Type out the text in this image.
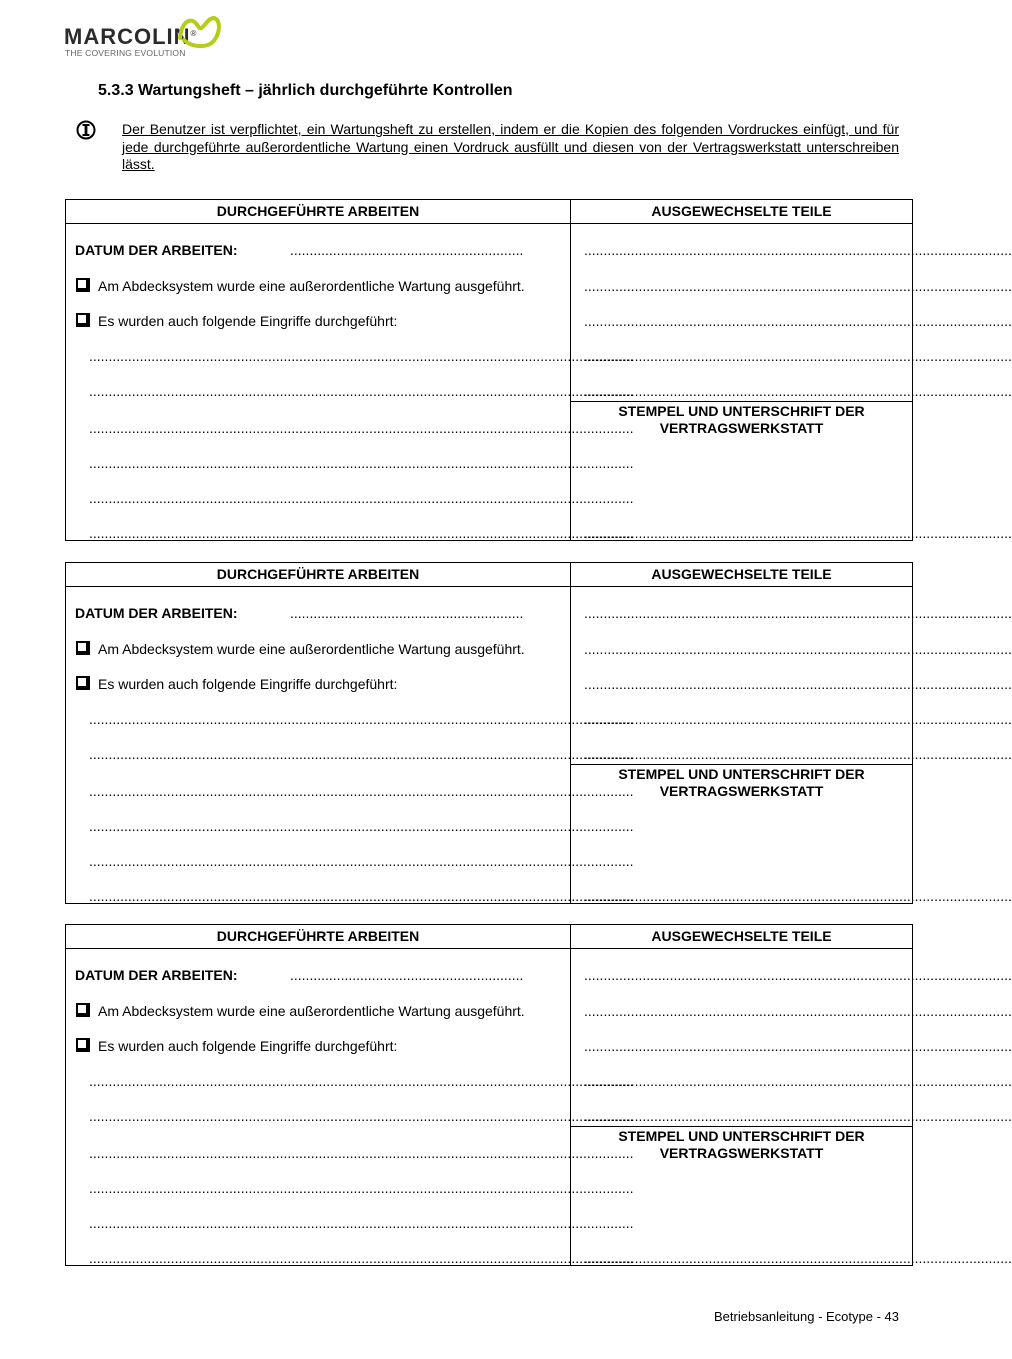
MARCOLIN®
THE COVERING EVOLUTION
5.3.3 Wartungsheft – jährlich durchgeführte Kontrollen

Der Benutzer ist verpflichtet, ein Wartungsheft zu erstellen, indem er die Kopien des folgenden Vordruckes einfügt, und für jede durchgeführte außerordentliche Wartung einen Vordruck ausfüllt und diesen von der Vertragswerkstatt unterschreiben lässt.

DURCHGEFÜHRTE ARBEITEN	AUSGEWECHSELTE TEILE
DATUM DER ARBEITEN:	............................................................
Am Abdecksystem wurde eine außerordentliche Wartung ausgeführt.
Es wurden auch folgende Eingriffe durchgeführt:
............................................................................................................................................
............................................................................................................................................
............................................................................................................................................
............................................................................................................................................
............................................................................................................................................
............................................................................................................................................
..............................................................................................................
..............................................................................................................
..............................................................................................................
..............................................................................................................
..............................................................................................................
STEMPEL UND UNTERSCHRIFT DER
VERTRAGSWERKSTATT
..............................................................................................................
DURCHGEFÜHRTE ARBEITEN	AUSGEWECHSELTE TEILE
DATUM DER ARBEITEN:	............................................................
Am Abdecksystem wurde eine außerordentliche Wartung ausgeführt.
Es wurden auch folgende Eingriffe durchgeführt:
............................................................................................................................................
............................................................................................................................................
............................................................................................................................................
............................................................................................................................................
............................................................................................................................................
............................................................................................................................................
..............................................................................................................
..............................................................................................................
..............................................................................................................
..............................................................................................................
..............................................................................................................
STEMPEL UND UNTERSCHRIFT DER
VERTRAGSWERKSTATT
..............................................................................................................
DURCHGEFÜHRTE ARBEITEN	AUSGEWECHSELTE TEILE
DATUM DER ARBEITEN:	............................................................
Am Abdecksystem wurde eine außerordentliche Wartung ausgeführt.
Es wurden auch folgende Eingriffe durchgeführt:
............................................................................................................................................
............................................................................................................................................
............................................................................................................................................
............................................................................................................................................
............................................................................................................................................
............................................................................................................................................
..............................................................................................................
..............................................................................................................
..............................................................................................................
..............................................................................................................
..............................................................................................................
STEMPEL UND UNTERSCHRIFT DER
VERTRAGSWERKSTATT
..............................................................................................................
Betriebsanleitung - Ecotype - 43
